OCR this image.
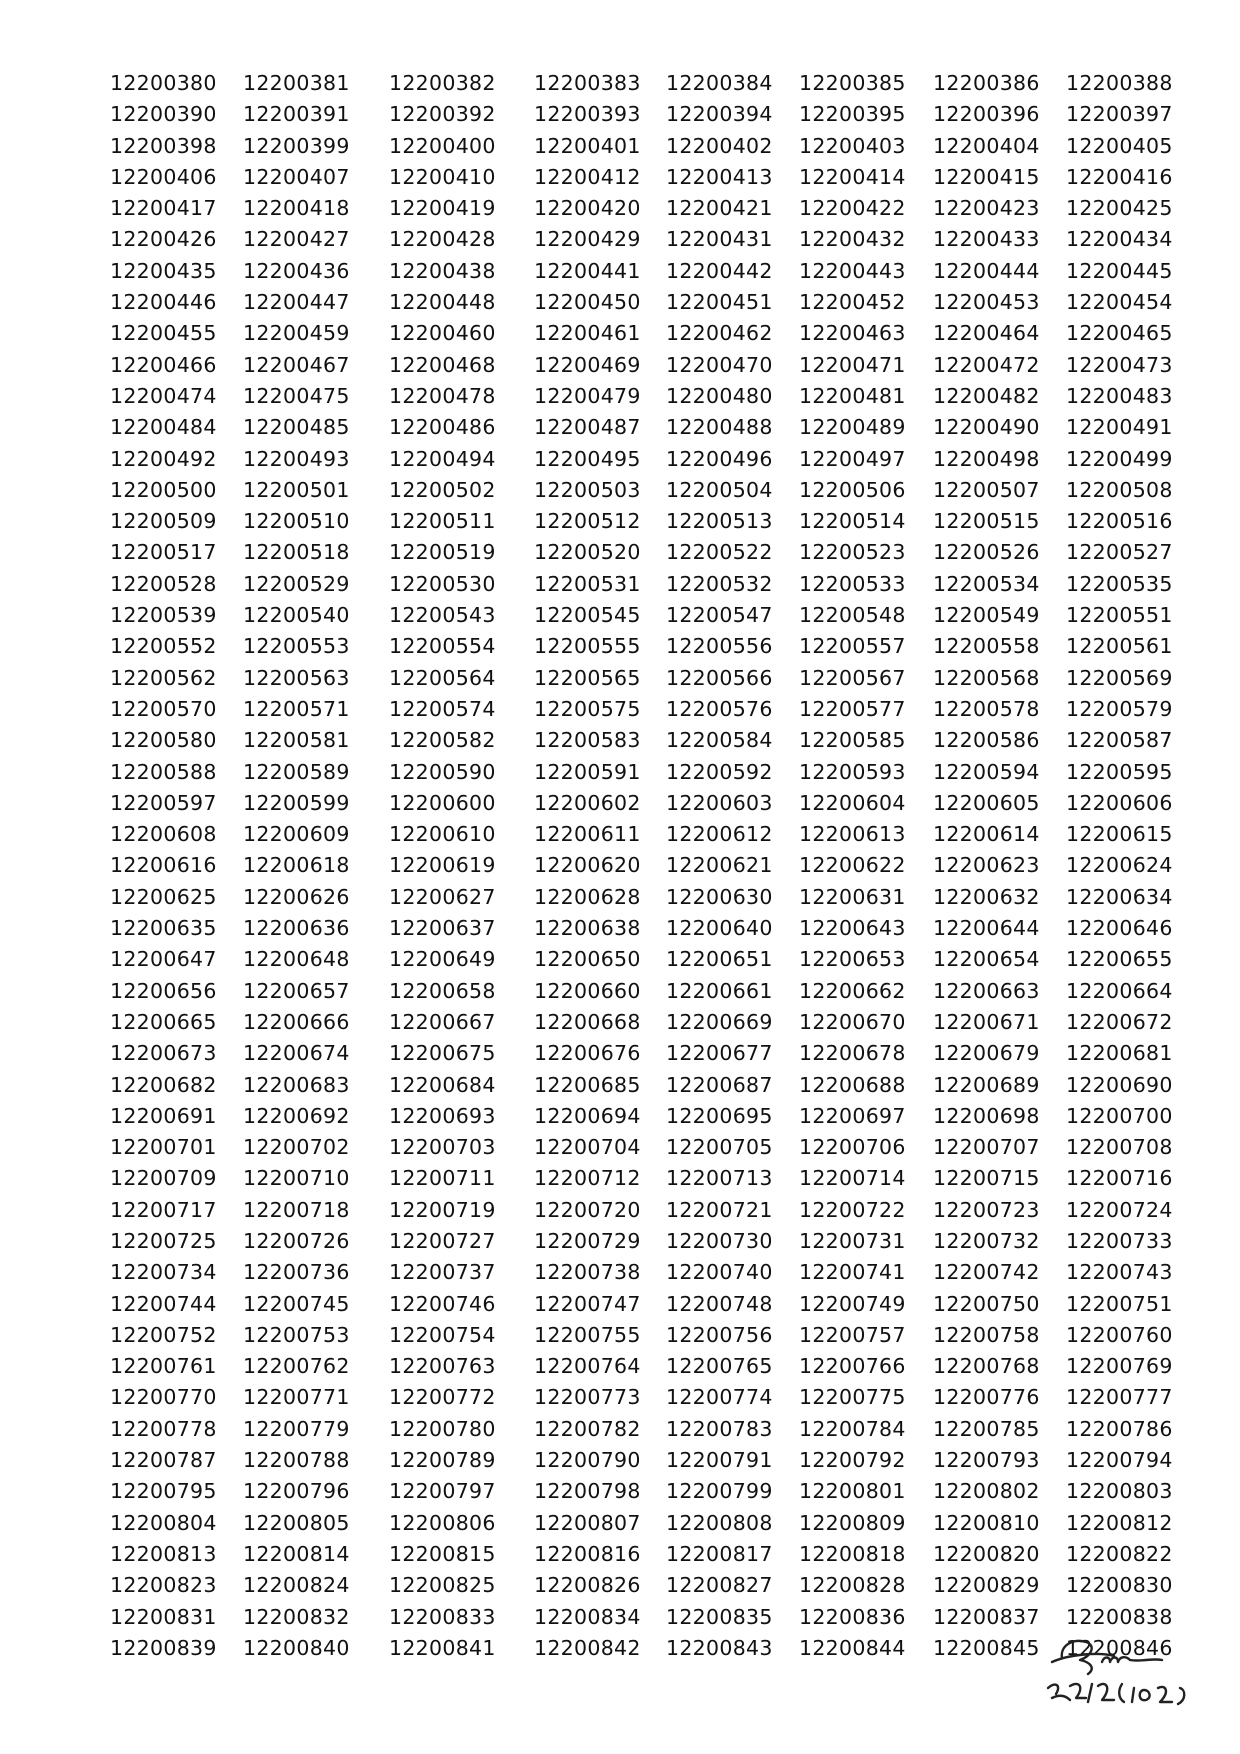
12200380	12200381	12200382	12200383	12200384	12200385	12200386	12200388
12200390	12200391	12200392	12200393	12200394	12200395	12200396	12200397
12200398	12200399	12200400	12200401	12200402	12200403	12200404	12200405
12200406	12200407	12200410	12200412	12200413	12200414	12200415	12200416
12200417	12200418	12200419	12200420	12200421	12200422	12200423	12200425
12200426	12200427	12200428	12200429	12200431	12200432	12200433	12200434
12200435	12200436	12200438	12200441	12200442	12200443	12200444	12200445
12200446	12200447	12200448	12200450	12200451	12200452	12200453	12200454
12200455	12200459	12200460	12200461	12200462	12200463	12200464	12200465
12200466	12200467	12200468	12200469	12200470	12200471	12200472	12200473
12200474	12200475	12200478	12200479	12200480	12200481	12200482	12200483
12200484	12200485	12200486	12200487	12200488	12200489	12200490	12200491
12200492	12200493	12200494	12200495	12200496	12200497	12200498	12200499
12200500	12200501	12200502	12200503	12200504	12200506	12200507	12200508
12200509	12200510	12200511	12200512	12200513	12200514	12200515	12200516
12200517	12200518	12200519	12200520	12200522	12200523	12200526	12200527
12200528	12200529	12200530	12200531	12200532	12200533	12200534	12200535
12200539	12200540	12200543	12200545	12200547	12200548	12200549	12200551
12200552	12200553	12200554	12200555	12200556	12200557	12200558	12200561
12200562	12200563	12200564	12200565	12200566	12200567	12200568	12200569
12200570	12200571	12200574	12200575	12200576	12200577	12200578	12200579
12200580	12200581	12200582	12200583	12200584	12200585	12200586	12200587
12200588	12200589	12200590	12200591	12200592	12200593	12200594	12200595
12200597	12200599	12200600	12200602	12200603	12200604	12200605	12200606
12200608	12200609	12200610	12200611	12200612	12200613	12200614	12200615
12200616	12200618	12200619	12200620	12200621	12200622	12200623	12200624
12200625	12200626	12200627	12200628	12200630	12200631	12200632	12200634
12200635	12200636	12200637	12200638	12200640	12200643	12200644	12200646
12200647	12200648	12200649	12200650	12200651	12200653	12200654	12200655
12200656	12200657	12200658	12200660	12200661	12200662	12200663	12200664
12200665	12200666	12200667	12200668	12200669	12200670	12200671	12200672
12200673	12200674	12200675	12200676	12200677	12200678	12200679	12200681
12200682	12200683	12200684	12200685	12200687	12200688	12200689	12200690
12200691	12200692	12200693	12200694	12200695	12200697	12200698	12200700
12200701	12200702	12200703	12200704	12200705	12200706	12200707	12200708
12200709	12200710	12200711	12200712	12200713	12200714	12200715	12200716
12200717	12200718	12200719	12200720	12200721	12200722	12200723	12200724
12200725	12200726	12200727	12200729	12200730	12200731	12200732	12200733
12200734	12200736	12200737	12200738	12200740	12200741	12200742	12200743
12200744	12200745	12200746	12200747	12200748	12200749	12200750	12200751
12200752	12200753	12200754	12200755	12200756	12200757	12200758	12200760
12200761	12200762	12200763	12200764	12200765	12200766	12200768	12200769
12200770	12200771	12200772	12200773	12200774	12200775	12200776	12200777
12200778	12200779	12200780	12200782	12200783	12200784	12200785	12200786
12200787	12200788	12200789	12200790	12200791	12200792	12200793	12200794
12200795	12200796	12200797	12200798	12200799	12200801	12200802	12200803
12200804	12200805	12200806	12200807	12200808	12200809	12200810	12200812
12200813	12200814	12200815	12200816	12200817	12200818	12200820	12200822
12200823	12200824	12200825	12200826	12200827	12200828	12200829	12200830
12200831	12200832	12200833	12200834	12200835	12200836	12200837	12200838
12200839	12200840	12200841	12200842	12200843	12200844	12200845	12200846
